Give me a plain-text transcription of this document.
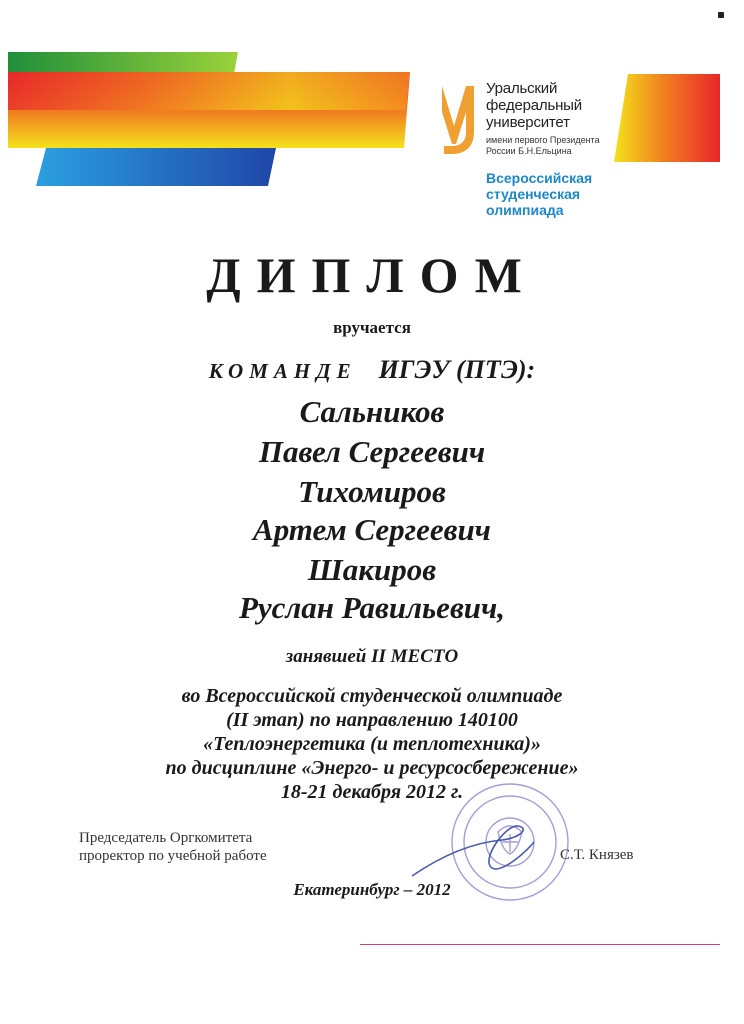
Уральский
федеральный
университет
имени первого Президента
России Б.Н.Ельцина
Всероссийская
студенческая
олимпиада
ДИПЛОМ
вручается
КОМАНДЕ ИГЭУ (ПТЭ):
Сальников
Павел Сергеевич
Тихомиров
Артем Сергеевич
Шакиров
Руслан Равильевич,
занявшей II МЕСТО
во Всероссийской студенческой олимпиаде
(II этап) по направлению 140100
«Теплоэнергетика (и теплотехника)»
по дисциплине «Энерго- и ресурсосбережение»
18-21 декабря 2012 г.
Председатель Оргкомитета
проректор по учебной работе	С.Т. Князев
Екатеринбург – 2012
